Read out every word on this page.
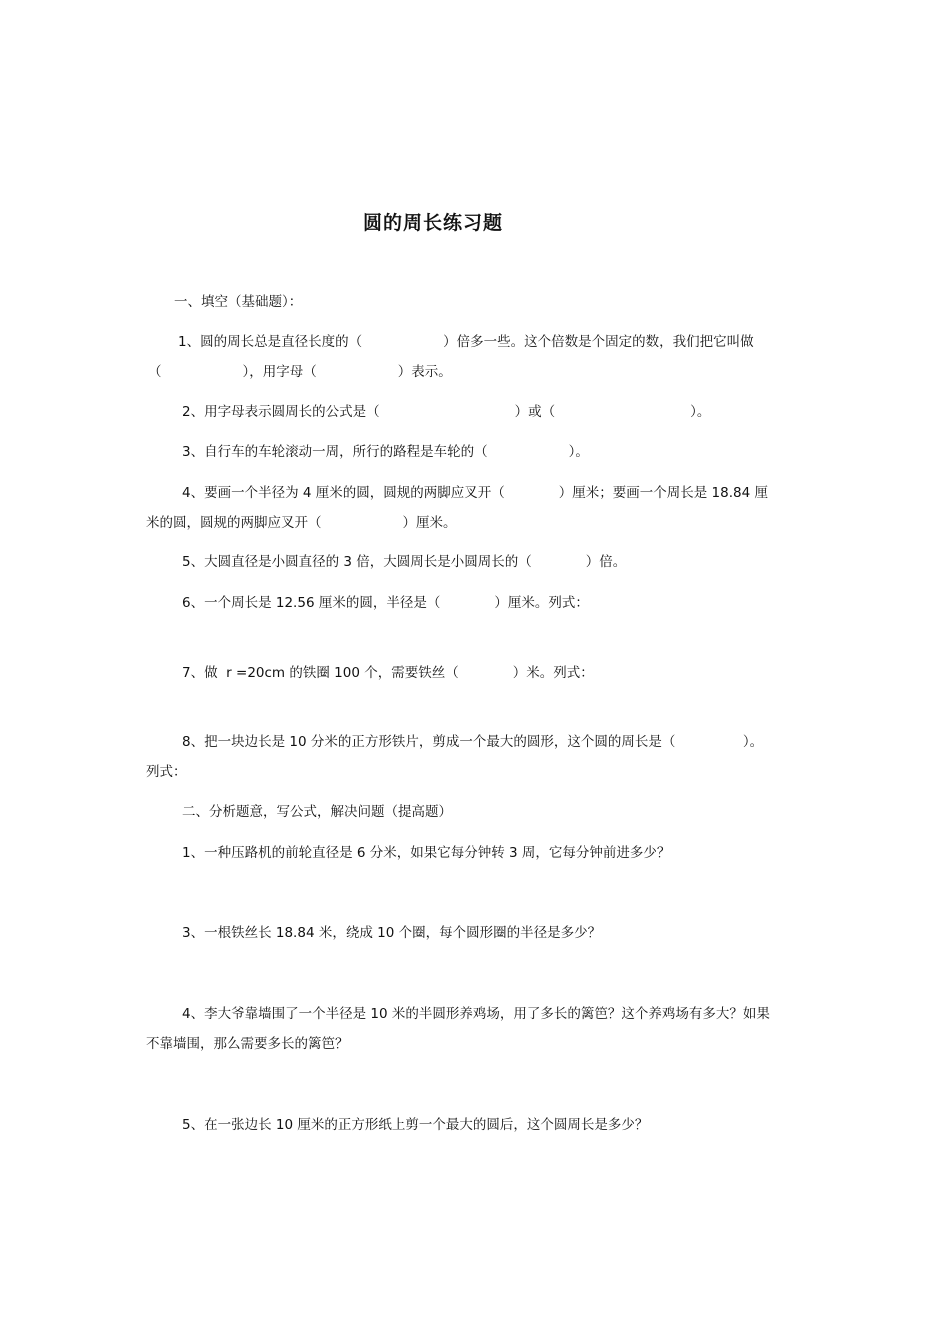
圆的周长练习题
一、填空（基础题）：
1、圆的周长总是直径长度的（　　　　　　）倍多一些。这个倍数是个固定的数，我们把它叫做
（　　　　　　），用字母（　　　　　　）表示。
2、用字母表示圆周长的公式是（　　　　　　　　　　）或（　　　　　　　　　　）。
3、自行车的车轮滚动一周，所行的路程是车轮的（　　　　　　）。
4、要画一个半径为 4 厘米的圆，圆规的两脚应叉开（　　　　）厘米；要画一个周长是 18.84 厘
米的圆，圆规的两脚应叉开（　　　　　　）厘米。
5、大圆直径是小圆直径的 3 倍，大圆周长是小圆周长的（　　　　）倍。
6、一个周长是 12.56 厘米的圆，半径是（　　　　）厘米。列式：
7、做  r =20cm 的铁圈 100 个，需要铁丝（　　　　）米。列式：
8、把一块边长是 10 分米的正方形铁片，剪成一个最大的圆形，这个圆的周长是（　　　　　）。
列式：
二、分析题意，写公式，解决问题（提高题）
1、一种压路机的前轮直径是 6 分米，如果它每分钟转 3 周，它每分钟前进多少？
3、一根铁丝长 18.84 米，绕成 10 个圈，每个圆形圈的半径是多少？
4、李大爷靠墙围了一个半径是 10 米的半圆形养鸡场，用了多长的篱笆？这个养鸡场有多大？如果
不靠墙围，那么需要多长的篱笆？
5、在一张边长 10 厘米的正方形纸上剪一个最大的圆后，这个圆周长是多少？
